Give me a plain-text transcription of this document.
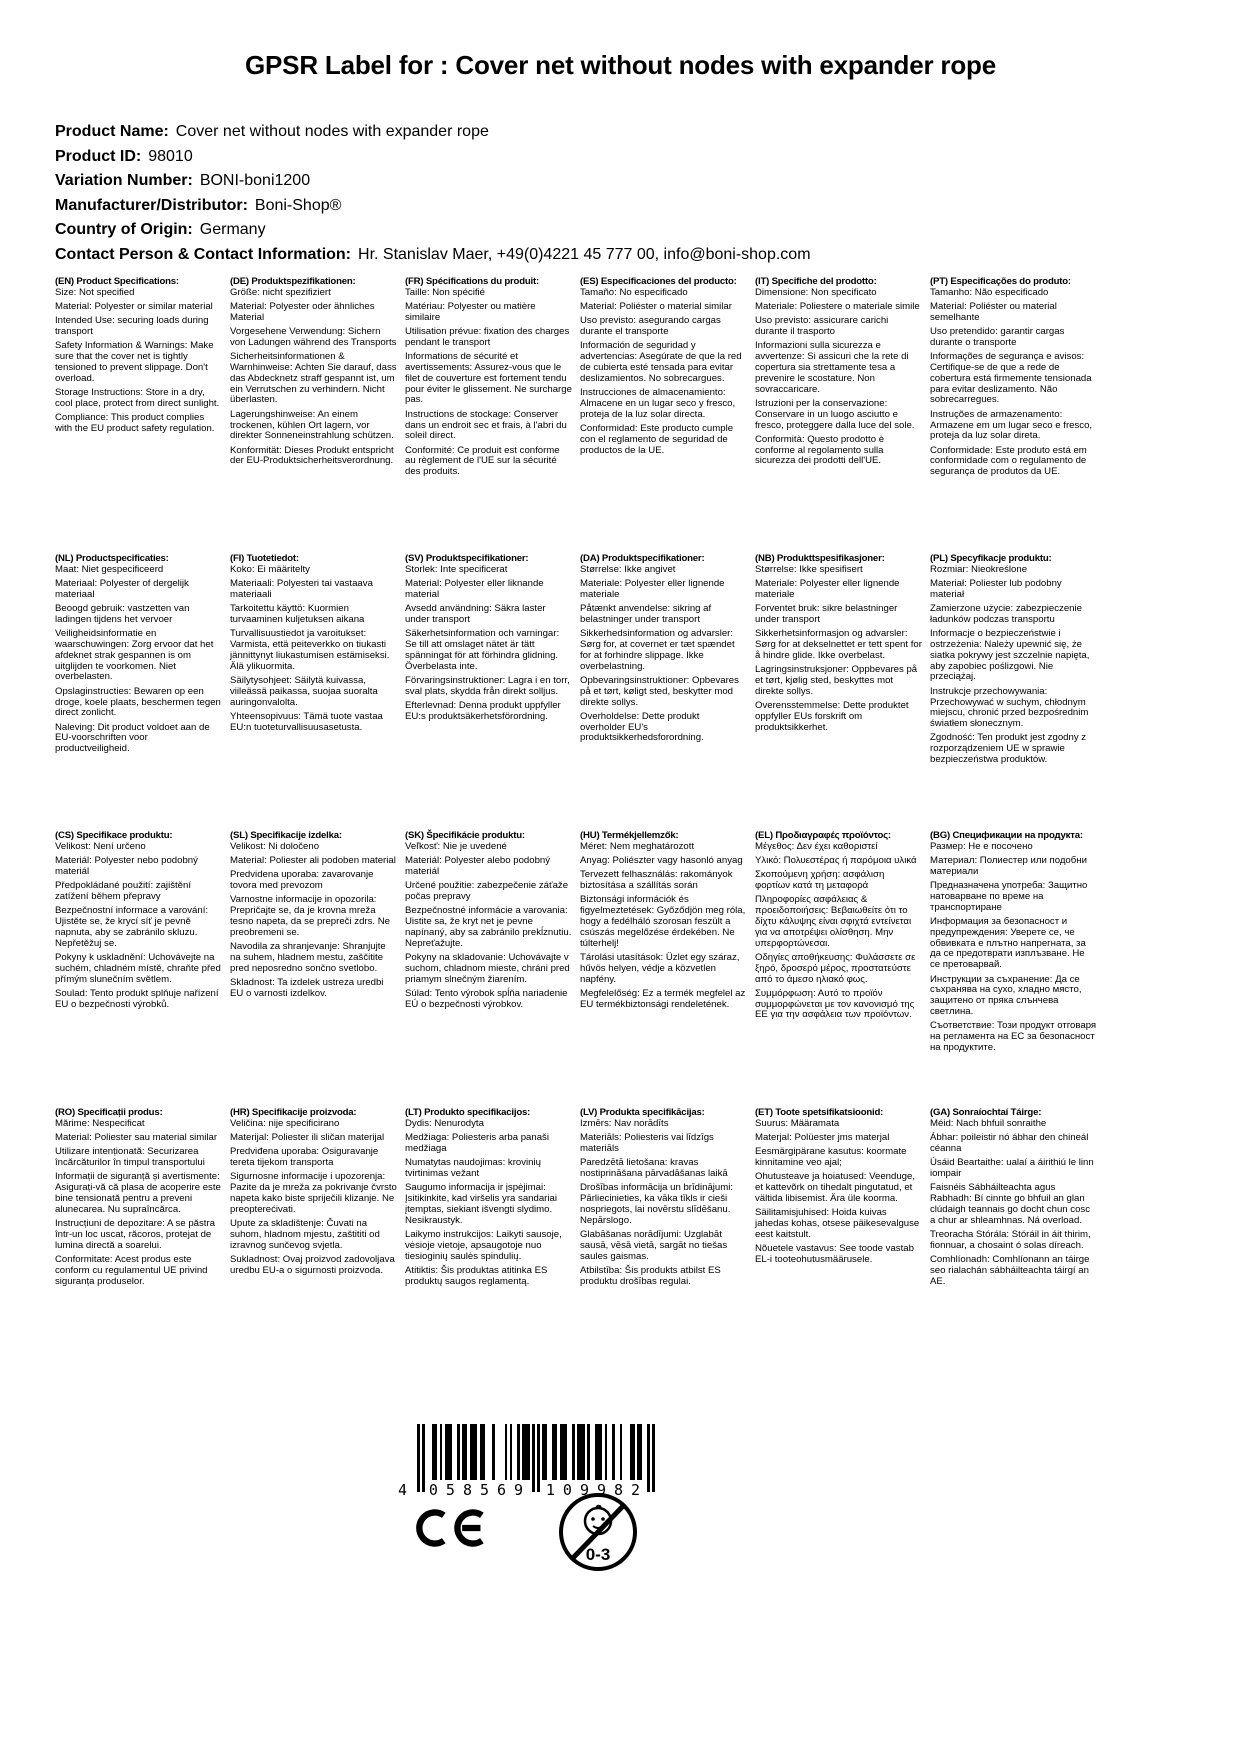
GPSR Label for : Cover net without nodes with expander rope
Product Name: Cover net without nodes with expander rope
Product ID: 98010
Variation Number: BONI-boni1200
Manufacturer/Distributor: Boni-Shop®
Country of Origin: Germany
Contact Person & Contact Information: Hr. Stanislav Maer, +49(0)4221 45 777 00, info@boni-shop.com
(EN) Product Specifications:

Size: Not specified

Material: Polyester or similar material

Intended Use: securing loads during transport

Safety Information & Warnings: Make sure that the cover net is tightly tensioned to prevent slippage. Don't overload.

Storage Instructions: Store in a dry, cool place, protect from direct sunlight.

Compliance: This product complies with the EU product safety regulation.

(DE) Produktspezifikationen:

Größe: nicht spezifiziert

Material: Polyester oder ähnliches Material

Vorgesehene Verwendung: Sichern von Ladungen während des Transports

Sicherheitsinformationen & Warnhinweise: Achten Sie darauf, dass das Abdecknetz straff gespannt ist, um ein Verrutschen zu verhindern. Nicht überlasten.

Lagerungshinweise: An einem trockenen, kühlen Ort lagern, vor direkter Sonneneinstrahlung schützen.

Konformität: Dieses Produkt entspricht der EU-Produktsicherheitsverordnung.

(FR) Spécifications du produit:

Taille: Non spécifié

Matériau: Polyester ou matière similaire

Utilisation prévue: fixation des charges pendant le transport

Informations de sécurité et avertissements: Assurez-vous que le filet de couverture est fortement tendu pour éviter le glissement. Ne surcharge pas.

Instructions de stockage: Conserver dans un endroit sec et frais, à l'abri du soleil direct.

Conformité: Ce produit est conforme au règlement de l'UE sur la sécurité des produits.

(ES) Especificaciones del producto:

Tamaño: No especificado

Material: Poliéster o material similar

Uso previsto: asegurando cargas durante el transporte

Información de seguridad y advertencias: Asegúrate de que la red de cubierta esté tensada para evitar deslizamientos. No sobrecargues.

Instrucciones de almacenamiento: Almacene en un lugar seco y fresco, proteja de la luz solar directa.

Conformidad: Este producto cumple con el reglamento de seguridad de productos de la UE.

(IT) Specifiche del prodotto:

Dimensione: Non specificato

Materiale: Poliestere o materiale simile

Uso previsto: assicurare carichi durante il trasporto

Informazioni sulla sicurezza e avvertenze: Si assicuri che la rete di copertura sia strettamente tesa a prevenire le scostature. Non sovraccaricare.

Istruzioni per la conservazione: Conservare in un luogo asciutto e fresco, proteggere dalla luce del sole.

Conformità: Questo prodotto è conforme al regolamento sulla sicurezza dei prodotti dell'UE.

(PT) Especificações do produto:

Tamanho: Não especificado

Material: Poliéster ou material semelhante

Uso pretendido: garantir cargas durante o transporte

Informações de segurança e avisos: Certifique-se de que a rede de cobertura está firmemente tensionada para evitar deslizamento. Não sobrecarregues.

Instruções de armazenamento: Armazene em um lugar seco e fresco, proteja da luz solar direta.

Conformidade: Este produto está em conformidade com o regulamento de segurança de produtos da UE.

(NL) Productspecificaties:

Maat: Niet gespecificeerd

Materiaal: Polyester of dergelijk materiaal

Beoogd gebruik: vastzetten van ladingen tijdens het vervoer

Veiligheidsinformatie en waarschuwingen: Zorg ervoor dat het afdeknet strak gespannen is om uitglijden te voorkomen. Niet overbelasten.

Opslaginstructies: Bewaren op een droge, koele plaats, beschermen tegen direct zonlicht.

Naleving: Dit product voldoet aan de EU-voorschriften voor productveiligheid.

(FI) Tuotetiedot:

Koko: Ei määritelty

Materiaali: Polyesteri tai vastaava materiaali

Tarkoitettu käyttö: Kuormien turvaaminen kuljetuksen aikana

Turvallisuustiedot ja varoitukset: Varmista, että peiteverkko on tiukasti jännittynyt liukastumisen estämiseksi. Älä ylikuormita.

Säilytysohjeet: Säilytä kuivassa, viileässä paikassa, suojaa suoralta auringonvalolta.

Yhteensopivuus: Tämä tuote vastaa EU:n tuoteturvallisuusasetusta.

(SV) Produktspecifikationer:

Storlek: Inte specificerat

Material: Polyester eller liknande material

Avsedd användning: Säkra laster under transport

Säkerhetsinformation och varningar: Se till att omslaget nätet är tätt spänningat för att förhindra glidning. Överbelasta inte.

Förvaringsinstruktioner: Lagra i en torr, sval plats, skydda från direkt solljus.

Efterlevnad: Denna produkt uppfyller EU:s produktsäkerhetsförordning.

(DA) Produktspecifikationer:

Størrelse: Ikke angivet

Materiale: Polyester eller lignende materiale

Påtænkt anvendelse: sikring af belastninger under transport

Sikkerhedsinformation og advarsler: Sørg for, at covernet er tæt spændet for at forhindre slippage. Ikke overbelastning.

Opbevaringsinstruktioner: Opbevares på et tørt, køligt sted, beskytter mod direkte sollys.

Overholdelse: Dette produkt overholder EU's produktsikkerhedsforordning.

(NB) Produkttspesifikasjoner:

Størrelse: Ikke spesifisert

Materiale: Polyester eller lignende materiale

Forventet bruk: sikre belastninger under transport

Sikkerhetsinformasjon og advarsler: Sørg for at dekselnettet er tett spent for å hindre glide. Ikke overbelast.

Lagringsinstruksjoner: Oppbevares på et tørt, kjølig sted, beskyttes mot direkte sollys.

Overensstemmelse: Dette produktet oppfyller EUs forskrift om produktsikkerhet.

(PL) Specyfikacje produktu:

Rozmiar: Nieokreślone

Materiał: Poliester lub podobny materiał

Zamierzone użycie: zabezpieczenie ładunków podczas transportu

Informacje o bezpieczeństwie i ostrzeżenia: Należy upewnić się, że siatka pokrywy jest szczelnie napięta, aby zapobiec poślizgowi. Nie przeciążaj.

Instrukcje przechowywania: Przechowywać w suchym, chłodnym miejscu, chronić przed bezpośrednim światłem słonecznym.

Zgodność: Ten produkt jest zgodny z rozporządzeniem UE w sprawie bezpieczeństwa produktów.

(CS) Specifikace produktu:

Velikost: Není určeno

Materiál: Polyester nebo podobný materiál

Předpokládané použití: zajištění zatížení během přepravy

Bezpečnostní informace a varování: Ujistěte se, že krycí síť je pevně napnuta, aby se zabránilo skluzu. Nepřetěžuj se.

Pokyny k uskladnění: Uchovávejte na suchém, chladném místě, chraňte před přímým slunečním světlem.

Soulad: Tento produkt splňuje nařízení EU o bezpečnosti výrobků.

(SL) Specifikacije izdelka:

Velikost: Ni določeno

Material: Poliester ali podoben material

Predvidena uporaba: zavarovanje tovora med prevozom

Varnostne informacije in opozorila: Prepričajte se, da je krovna mreža tesno napeta, da se prepreči zdrs. Ne preobremeni se.

Navodila za shranjevanje: Shranjujte na suhem, hladnem mestu, zaščitite pred neposredno sončno svetlobo.

Skladnost: Ta izdelek ustreza uredbi EU o varnosti izdelkov.

(SK) Špecifikácie produktu:

Veľkosť: Nie je uvedené

Materiál: Polyester alebo podobný materiál

Určené použitie: zabezpečenie záťaže počas prepravy

Bezpečnostné informácie a varovania: Uistite sa, že kryt net je pevne napínaný, aby sa zabránilo prekĺznutiu. Nepreťažujte.

Pokyny na skladovanie: Uchovávajte v suchom, chladnom mieste, chráni pred priamym slnečným žiarením.

Súlad: Tento výrobok spĺňa nariadenie EÚ o bezpečnosti výrobkov.

(HU) Termékjellemzők:

Méret: Nem meghatározott

Anyag: Poliészter vagy hasonló anyag

Tervezett felhasználás: rakományok biztosítása a szállítás során

Biztonsági információk és figyelmeztetések: Győződjön meg róla, hogy a fedélháló szorosan feszült a csúszás megelőzése érdekében. Ne túlterhelj!

Tárolási utasítások: Üzlet egy száraz, hűvös helyen, védje a közvetlen napfény.

Megfelelőség: Ez a termék megfelel az EU termékbiztonsági rendeletének.

(EL) Προδιαγραφές προϊόντος:

Μέγεθος: Δεν έχει καθοριστεί

Υλικό: Πολυεστέρας ή παρόμοια υλικά

Σκοπούμενη χρήση: ασφάλιση φορτίων κατά τη μεταφορά

Πληροφορίες ασφάλειας & προειδοποιήσεις: Βεβαιωθείτε ότι το δίχτυ κάλυψης είναι σφιχτά εντείνεται για να αποτρέψει ολίσθηση. Μην υπερφορτώνεσαι.

Οδηγίες αποθήκευσης: Φυλάσσετε σε ξηρό, δροσερό μέρος, προστατεύστε από το άμεσο ηλιακό φως.

Συμμόρφωση: Αυτό το προϊόν συμμορφώνεται με τον κανονισμό της ΕΕ για την ασφάλεια των προϊόντων.

(BG) Спецификации на продукта:

Размер: Не е посочено

Материал: Полиестер или подобни материали

Предназначена употреба: Защитно натоварване по време на транспортиране

Информация за безопасност и предупреждения: Уверете се, че обвивката е плътно напрегната, за да се предотврати изплъзване. Не се претоварвай.

Инструкции за съхранение: Да се съхранява на сухо, хладно място, защитено от пряка слънчева светлина.

Съответствие: Този продукт отговаря на регламента на ЕС за безопасност на продуктите.

(RO) Specificații produs:

Mărime: Nespecificat

Material: Poliester sau material similar

Utilizare intenționată: Securizarea încărcăturilor în timpul transportului

Informații de siguranță și avertismente: Asigurați-vă că plasa de acoperire este bine tensionată pentru a preveni alunecarea. Nu supraîncărca.

Instrucțiuni de depozitare: A se păstra într-un loc uscat, răcoros, protejat de lumina directă a soarelui.

Conformitate: Acest produs este conform cu regulamentul UE privind siguranța produselor.

(HR) Specifikacije proizvoda:

Veličina: nije specificirano

Materijal: Poliester ili sličan materijal

Predviđena uporaba: Osiguravanje tereta tijekom transporta

Sigurnosne informacije i upozorenja: Pazite da je mreža za pokrivanje čvrsto napeta kako biste spriječili klizanje. Ne preopterećivati.

Upute za skladištenje: Čuvati na suhom, hladnom mjestu, zaštititi od izravnog sunčevog svjetla.

Sukladnost: Ovaj proizvod zadovoljava uredbu EU-a o sigurnosti proizvoda.

(LT) Produkto specifikacijos:

Dydis: Nenurodyta

Medžiaga: Poliesteris arba panaši medžiaga

Numatytas naudojimas: krovinių tvirtinimas vežant

Saugumo informacija ir įspėjimai: Įsitikinkite, kad viršelis yra sandariai įtemptas, siekiant išvengti slydimo. Nesikraustyk.

Laikymo instrukcijos: Laikyti sausoje, vėsioje vietoje, apsaugotoje nuo tiesioginių saulės spindulių.

Atitiktis: Šis produktas atitinka ES produktų saugos reglamentą.

(LV) Produkta specifikācijas:

Izmērs: Nav norādīts

Materiāls: Poliesteris vai līdzīgs materiāls

Paredzētā lietošana: kravas nostiprināšana pārvadāšanas laikā

Drošības informācija un brīdinājumi: Pārliecinieties, ka vāka tīkls ir cieši nospriegots, lai novērstu slīdēšanu. Nepārslogo.

Glabāšanas norādījumi: Uzglabāt sausā, vēsā vietā, sargāt no tiešas saules gaismas.

Atbilstība: Šis produkts atbilst ES produktu drošības regulai.

(ET) Toote spetsifikatsioonid:

Suurus: Määramata

Materjal: Polüester jms materjal

Eesmärgipärane kasutus: koormate kinnitamine veo ajal;

Ohutusteave ja hoiatused: Veenduge, et kattevõrk on tihedalt pingutatud, et vältida libisemist. Ära üle koorma.

Säilitamisjuhised: Hoida kuivas jahedas kohas, otsese päikesevalguse eest kaitstult.

Nõuetele vastavus: See toode vastab EL-i tooteohutusmäärusele.

(GA) Sonraíochtaí Táirge:

Méid: Nach bhfuil sonraithe

Ábhar: poileistir nó ábhar den chineál céanna

Úsáid Beartaithe: ualaí a áirithiú le linn iompair

Faisnéis Sábháilteachta agus Rabhadh: Bí cinnte go bhfuil an glan clúdaigh teannais go docht chun cosc a chur ar shleamhnas. Ná overload.

Treoracha Stórála: Stóráil in áit thirim, fionnuar, a chosaint ó solas díreach.

Comhlíonadh: Comhlíonann an táirge seo rialachán sábháilteachta táirgí an AE.

4 058569 109982
0-3
